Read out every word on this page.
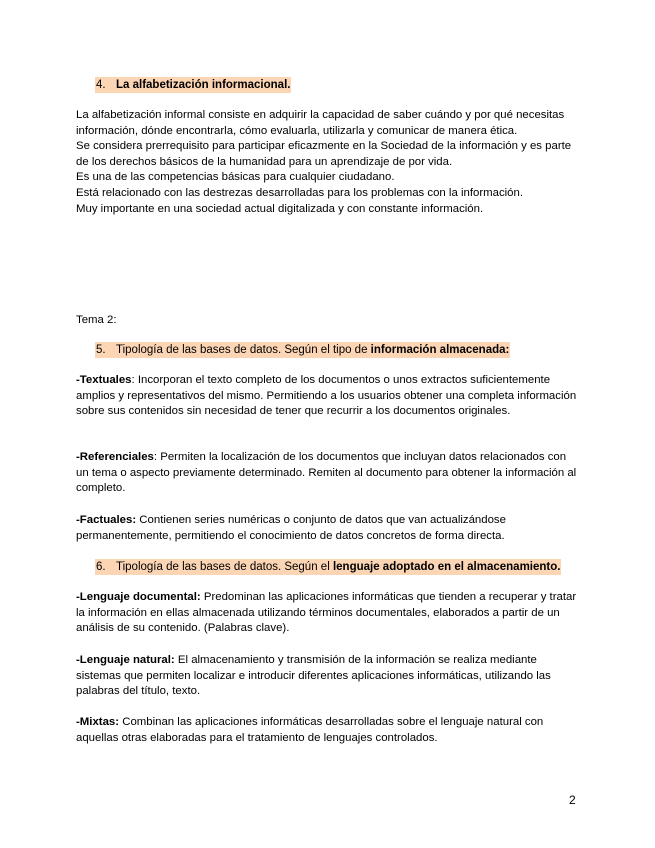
4. La alfabetización informacional.

La alfabetización informal consiste en adquirir la capacidad de saber cuándo y por qué necesitas información, dónde encontrarla, cómo evaluarla, utilizarla y comunicar de manera ética.

Se considera prerrequisito para participar eficazmente en la Sociedad de la información y es parte de los derechos básicos de la humanidad para un aprendizaje de por vida.

Es una de las competencias básicas para cualquier ciudadano.

Está relacionado con las destrezas desarrolladas para los problemas con la información.

Muy importante en una sociedad actual digitalizada y con constante información.

Tema 2:
5. Tipología de las bases de datos. Según el tipo de información almacenada:

-Textuales: Incorporan el texto completo de los documentos o unos extractos suficientemente amplios y representativos del mismo. Permitiendo a los usuarios obtener una completa información sobre sus contenidos sin necesidad de tener que recurrir a los documentos originales.

-Referenciales: Permiten la localización de los documentos que incluyan datos relacionados con un tema o aspecto previamente determinado. Remiten al documento para obtener la información al completo.

-Factuales: Contienen series numéricas o conjunto de datos que van actualizándose permanentemente, permitiendo el conocimiento de datos concretos de forma directa.

6. Tipología de las bases de datos. Según el lenguaje adoptado en el almacenamiento.

-Lenguaje documental: Predominan las aplicaciones informáticas que tienden a recuperar y tratar la información en ellas almacenada utilizando términos documentales, elaborados a partir de un análisis de su contenido. (Palabras clave).

-Lenguaje natural: El almacenamiento y transmisión de la información se realiza mediante sistemas que permiten localizar e introducir diferentes aplicaciones informáticas, utilizando las palabras del título, texto.

-Mixtas: Combinan las aplicaciones informáticas desarrolladas sobre el lenguaje natural con aquellas otras elaboradas para el tratamiento de lenguajes controlados.

2
